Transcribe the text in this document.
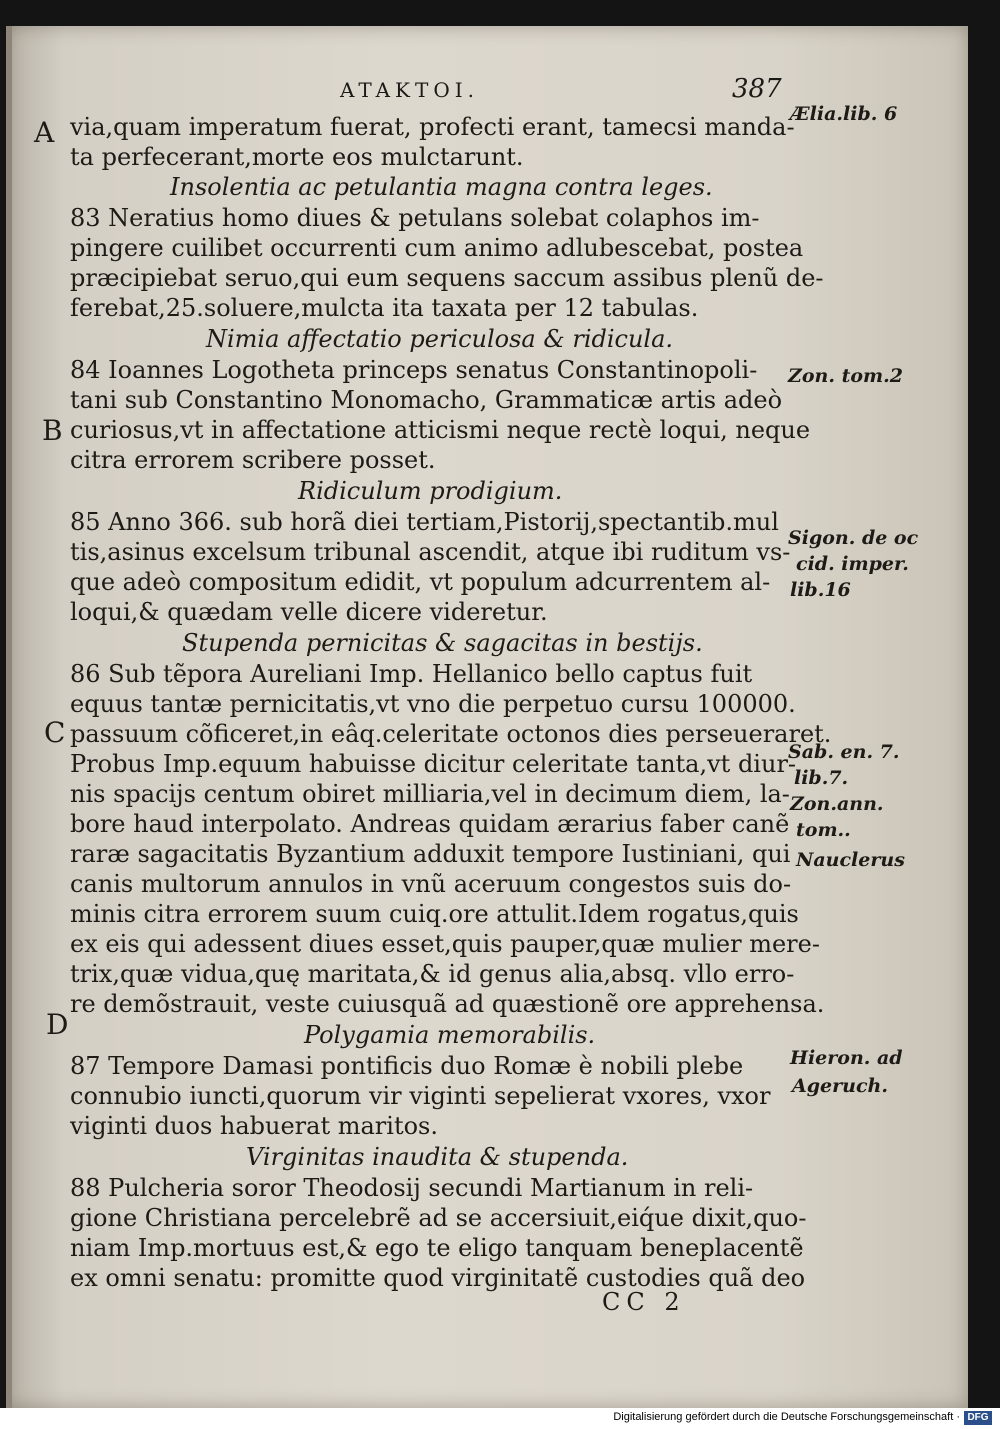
ATAKTOI.	387
A
B
C
D
via,quam imperatum fuerat, profecti erant, tamecsi manda-
ta perfecerant,morte eos mulctarunt.
Insolentia ac petulantia magna contra leges.
83 Neratius homo diues & petulans solebat colaphos im-
pingere cuilibet occurrenti cum animo adlubescebat, postea
præcipiebat seruo,qui eum sequens saccum assibus plenũ de-
ferebat,25.soluere,mulcta ita taxata per 12 tabulas.
Nimia affectatio periculosa & ridicula.
84 Ioannes Logotheta princeps senatus Constantinopoli-
tani sub Constantino Monomacho, Grammaticæ artis adeò
curiosus,vt in affectatione atticismi neque rectè loqui, neque
citra errorem scribere posset.
Ridiculum prodigium.
85 Anno 366. sub horã diei tertiam,Pistorij,spectantib.mul
tis,asinus excelsum tribunal ascendit, atque ibi ruditum vs-
que adeò compositum edidit, vt populum adcurrentem al-
loqui,& quædam velle dicere videretur.
Stupenda pernicitas & sagacitas in bestijs.
86 Sub tẽpora Aureliani Imp. Hellanico bello captus fuit
equus tantæ pernicitatis,vt vno die perpetuo cursu 100000.
passuum cõficeret,in eâq.celeritate octonos dies perseueraret.
Probus Imp.equum habuisse dicitur celeritate tanta,vt diur-
nis spacijs centum obiret milliaria,vel in decimum diem, la-
bore haud interpolato. Andreas quidam ærarius faber canẽ
raræ sagacitatis Byzantium adduxit tempore Iustiniani, qui
canis multorum annulos in vnũ aceruum congestos suis do-
minis citra errorem suum cuiq.ore attulit.Idem rogatus,quis
ex eis qui adessent diues esset,quis pauper,quæ mulier mere-
trix,quæ vidua,quę maritata,& id genus alia,absq. vllo erro-
re demõstrauit, veste cuiusquã ad quæstionẽ ore apprehensa.
Polygamia memorabilis.
87 Tempore Damasi pontificis duo Romæ è nobili plebe
connubio iuncti,quorum vir viginti sepelierat vxores, vxor
viginti duos habuerat maritos.
Virginitas inaudita & stupenda.
88 Pulcheria soror Theodosij secundi Martianum in reli-
gione Christiana percelebrẽ ad se accersiuit,eiq́ue dixit,quo-
niam Imp.mortuus est,& ego te eligo tanquam beneplacentẽ
ex omni senatu: promitte quod virginitatẽ custodies quã deo
Ælia.lib. 6
Zon. tom.2
Sigon. de oc
cid. imper.
lib.16
Sab. en. 7.
lib.7.
Zon.ann.
tom..
Nauclerus
Hieron. ad
Ageruch.
CC 2
Digitalisierung gefördert durch die Deutsche Forschungsgemeinschaft · DFG
